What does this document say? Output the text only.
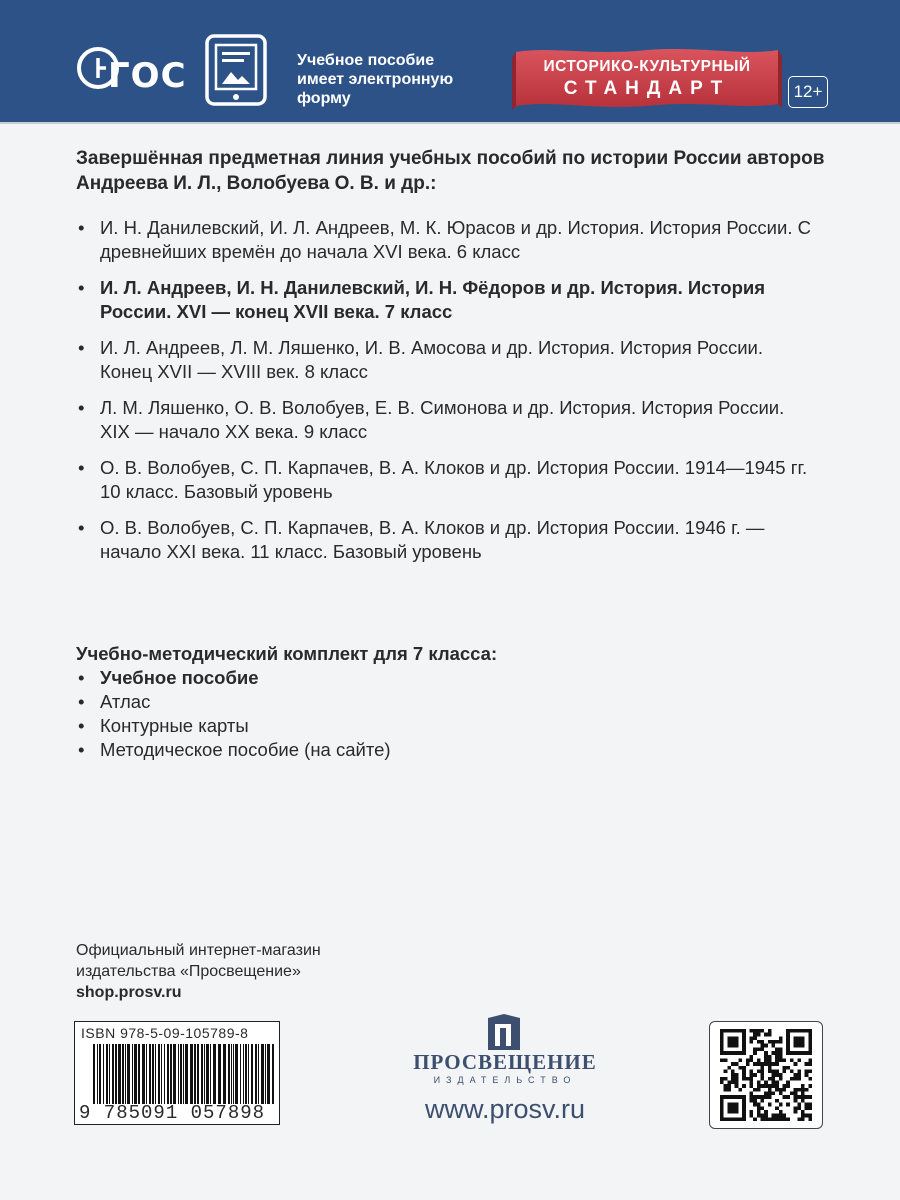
ГОС	Учебное пособие
имеет электронную
форму
ИСТОРИКО-КУЛЬТУРНЫЙ
СТАНДАРТ	12+
Завершённая предметная линия учебных пособий по истории России авторов Андреева И. Л., Волобуева О. В. и др.:
• И. Н. Данилевский, И. Л. Андреев, М. К. Юрасов и др. История. История России. С древнейших времён до начала XVI века. 6 класс
• И. Л. Андреев, И. Н. Данилевский, И. Н. Фёдоров и др. История. История России. XVI — конец XVII века. 7 класс
• И. Л. Андреев, Л. М. Ляшенко, И. В. Амосова и др. История. История России. Конец XVII — XVIII век. 8 класс
• Л. М. Ляшенко, О. В. Волобуев, Е. В. Симонова и др. История. История России. XIX — начало XX века. 9 класс
• О. В. Волобуев, С. П. Карпачев, В. А. Клоков и др. История России. 1914—1945 гг. 10 класс. Базовый уровень
• О. В. Волобуев, С. П. Карпачев, В. А. Клоков и др. История России. 1946 г. — начало XXI века. 11 класс. Базовый уровень
Учебно-методический комплект для 7 класса:
• Учебное пособие
• Атлас
• Контурные карты
• Методическое пособие (на сайте)
Официальный интернет-магазин
издательства «Просвещение»
shop.prosv.ru
ISBN 978-5-09-105789-8
9 785091 057898
ПРОСВЕЩЕНИЕ
ИЗДАТЕЛЬСТВО
www.prosv.ru
